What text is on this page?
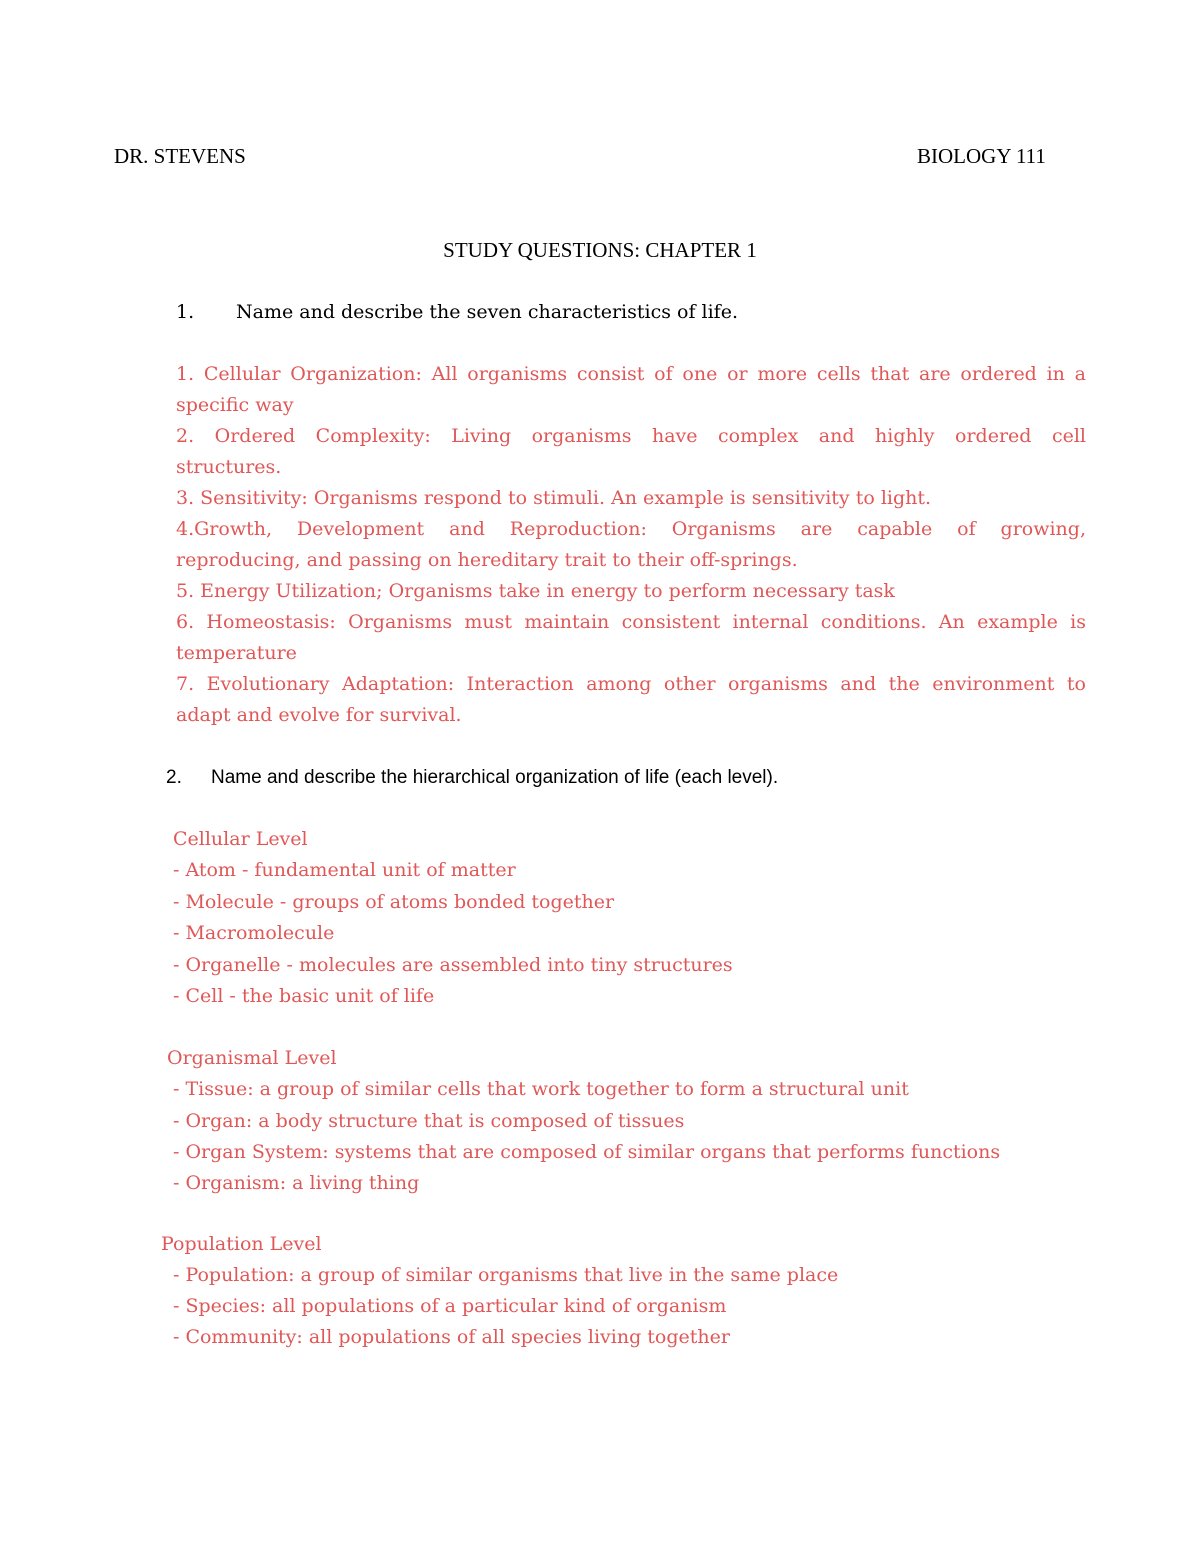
DR. STEVENS	BIOLOGY 111
STUDY QUESTIONS: CHAPTER 1
1. Name and describe the seven characteristics of life.
1. Cellular Organization: All organisms consist of one or more cells that are ordered in a
specific way
2. Ordered Complexity: Living organisms have complex and highly ordered cell
structures.
3. Sensitivity: Organisms respond to stimuli. An example is sensitivity to light.
4.Growth, Development and Reproduction: Organisms are capable of growing,
reproducing, and passing on hereditary trait to their off-springs.
5. Energy Utilization; Organisms take in energy to perform necessary task
6. Homeostasis: Organisms must maintain consistent internal conditions. An example is
temperature
7. Evolutionary Adaptation: Interaction among other organisms and the environment to
adapt and evolve for survival.
2. Name and describe the hierarchical organization of life (each level).
Cellular Level
- Atom - fundamental unit of matter
- Molecule - groups of atoms bonded together
- Macromolecule
- Organelle - molecules are assembled into tiny structures
- Cell - the basic unit of life
Organismal Level
- Tissue: a group of similar cells that work together to form a structural unit
- Organ: a body structure that is composed of tissues
- Organ System: systems that are composed of similar organs that performs functions
- Organism: a living thing
Population Level
- Population: a group of similar organisms that live in the same place
- Species: all populations of a particular kind of organism
- Community: all populations of all species living together
